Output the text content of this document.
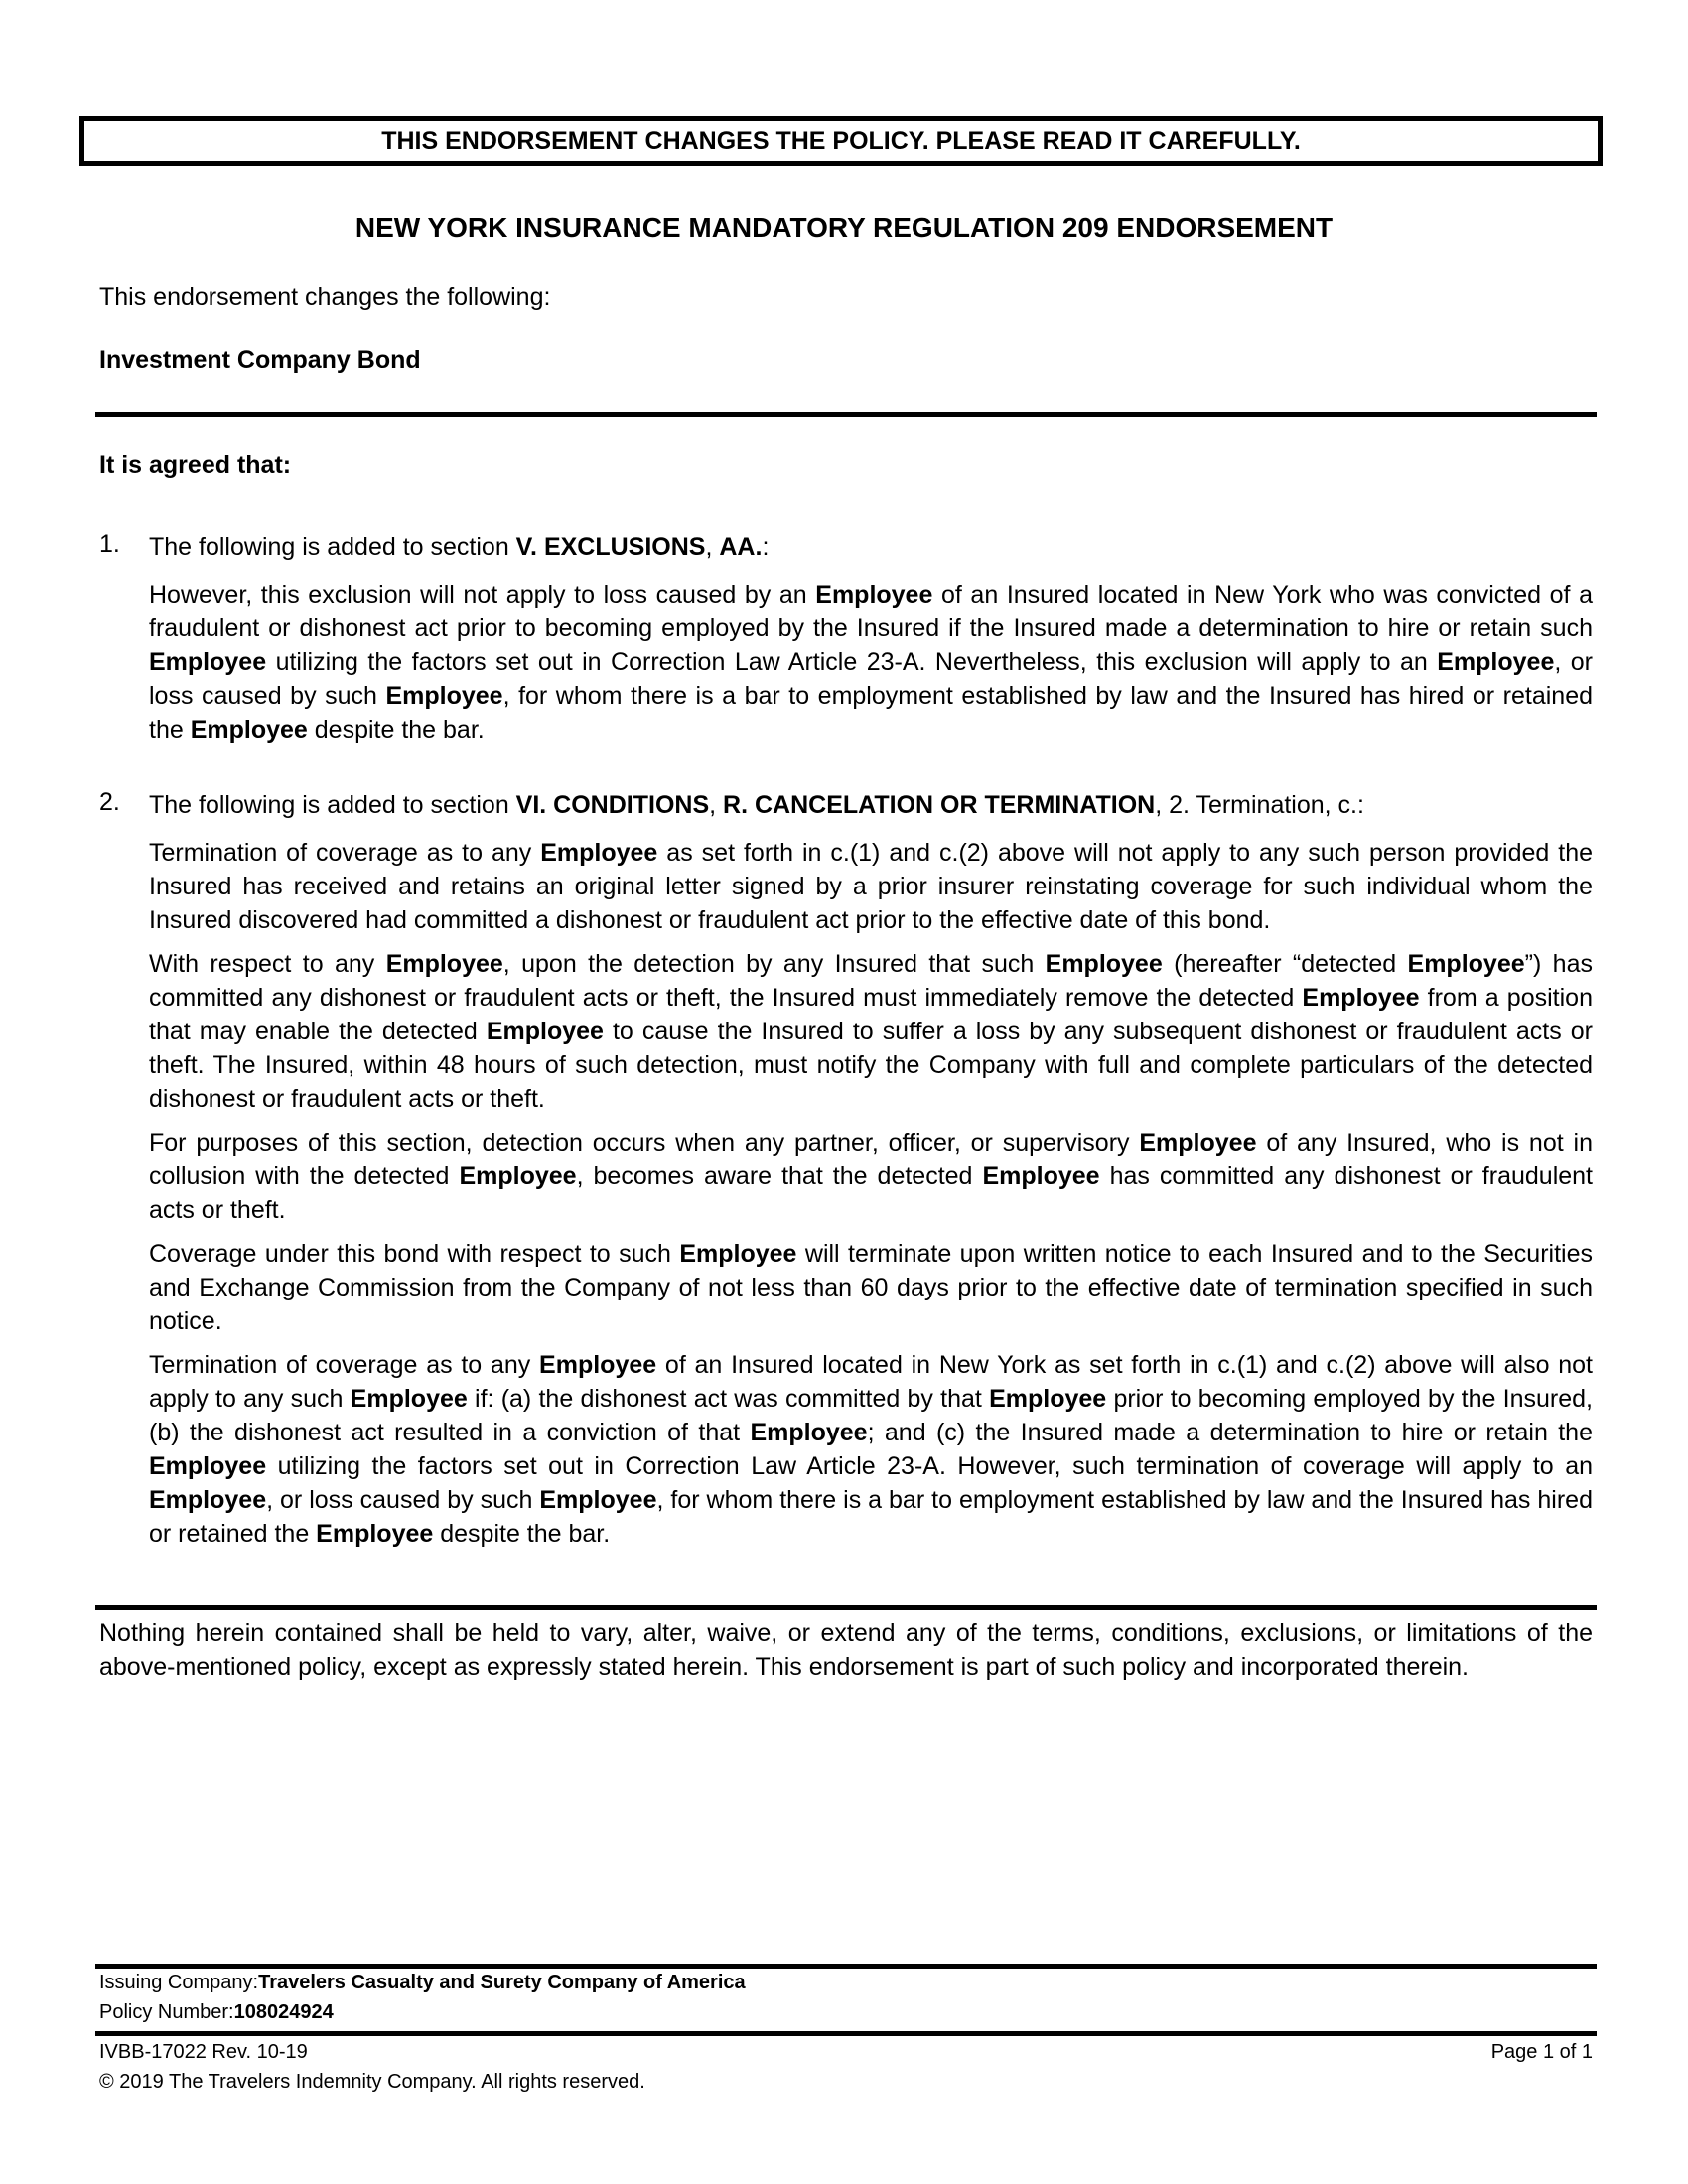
THIS ENDORSEMENT CHANGES THE POLICY. PLEASE READ IT CAREFULLY.
NEW YORK INSURANCE MANDATORY REGULATION 209 ENDORSEMENT
This endorsement changes the following:
Investment Company Bond
It is agreed that:
1. The following is added to section V. EXCLUSIONS, AA.:

However, this exclusion will not apply to loss caused by an Employee of an Insured located in New York who was convicted of a fraudulent or dishonest act prior to becoming employed by the Insured if the Insured made a determination to hire or retain such Employee utilizing the factors set out in Correction Law Article 23-A. Nevertheless, this exclusion will apply to an Employee, or loss caused by such Employee, for whom there is a bar to employment established by law and the Insured has hired or retained the Employee despite the bar.

2. The following is added to section VI. CONDITIONS, R. CANCELATION OR TERMINATION, 2. Termination, c.:

Termination of coverage as to any Employee as set forth in c.(1) and c.(2) above will not apply to any such person provided the Insured has received and retains an original letter signed by a prior insurer reinstating coverage for such individual whom the Insured discovered had committed a dishonest or fraudulent act prior to the effective date of this bond.

With respect to any Employee, upon the detection by any Insured that such Employee (hereafter “detected Employee”) has committed any dishonest or fraudulent acts or theft, the Insured must immediately remove the detected Employee from a position that may enable the detected Employee to cause the Insured to suffer a loss by any subsequent dishonest or fraudulent acts or theft. The Insured, within 48 hours of such detection, must notify the Company with full and complete particulars of the detected dishonest or fraudulent acts or theft.

For purposes of this section, detection occurs when any partner, officer, or supervisory Employee of any Insured, who is not in collusion with the detected Employee, becomes aware that the detected Employee has committed any dishonest or fraudulent acts or theft.

Coverage under this bond with respect to such Employee will terminate upon written notice to each Insured and to the Securities and Exchange Commission from the Company of not less than 60 days prior to the effective date of termination specified in such notice.

Termination of coverage as to any Employee of an Insured located in New York as set forth in c.(1) and c.(2) above will also not apply to any such Employee if: (a) the dishonest act was committed by that Employee prior to becoming employed by the Insured, (b) the dishonest act resulted in a conviction of that Employee; and (c) the Insured made a determination to hire or retain the Employee utilizing the factors set out in Correction Law Article 23-A. However, such termination of coverage will apply to an Employee, or loss caused by such Employee, for whom there is a bar to employment established by law and the Insured has hired or retained the Employee despite the bar.

Nothing herein contained shall be held to vary, alter, waive, or extend any of the terms, conditions, exclusions, or limitations of the above-mentioned policy, except as expressly stated herein. This endorsement is part of such policy and incorporated therein.

Issuing Company:Travelers Casualty and Surety Company of America
Policy Number:108024924
IVBB-17022 Rev. 10-19	Page 1 of 1
© 2019 The Travelers Indemnity Company. All rights reserved.
